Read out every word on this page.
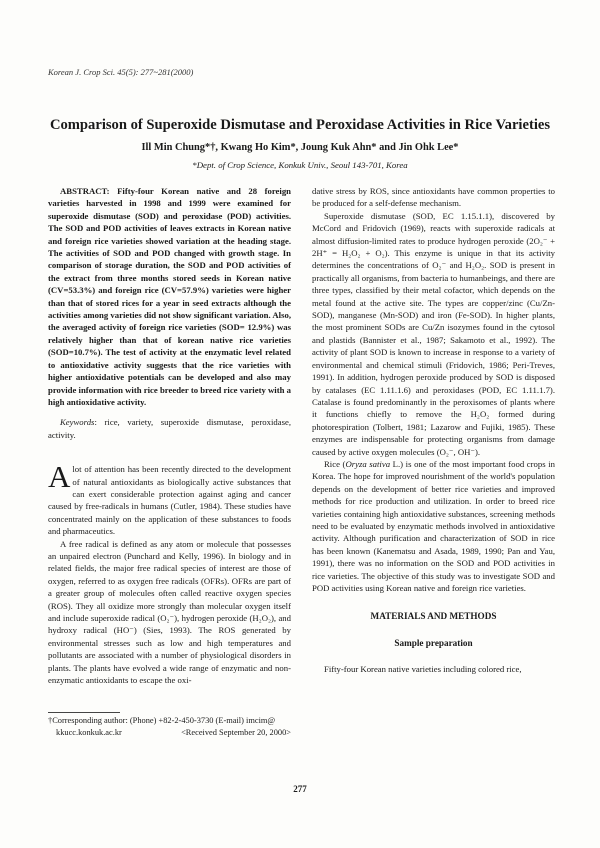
Korean J. Crop Sci. 45(5): 277~281(2000)
Comparison of Superoxide Dismutase and Peroxidase Activities in Rice Varieties
Ill Min Chung*†, Kwang Ho Kim*, Joung Kuk Ahn* and Jin Ohk Lee*
*Dept. of Crop Science, Konkuk Univ., Seoul 143-701, Korea

ABSTRACT: Fifty-four Korean native and 28 foreign varieties harvested in 1998 and 1999 were examined for superoxide dismutase (SOD) and peroxidase (POD) activities. The SOD and POD activities of leaves extracts in Korean native and foreign rice varieties showed variation at the heading stage. The activities of SOD and POD changed with growth stage. In comparison of storage duration, the SOD and POD activities of the extract from three months stored seeds in Korean native (CV=53.3%) and foreign rice (CV=57.9%) varieties were higher than that of stored rices for a year in seed extracts although the activities among varieties did not show significant variation. Also, the averaged activity of foreign rice varieties (SOD= 12.9%) was relatively higher than that of korean native rice varieties (SOD=10.7%). The test of activity at the enzymatic level related to antioxidative activity suggests that the rice varieties with higher antioxidative potentials can be developed and also may provide information with rice breeder to breed rice variety with a high antioxidative activity.

Keywords: rice, variety, superoxide dismutase, peroxidase, activity.

Alot of attention has been recently directed to the development of natural antioxidants as biologically active substances that can exert considerable protection against aging and cancer caused by free-radicals in humans (Cutler, 1984). These studies have concentrated mainly on the application of these substances to foods and pharmaceutics.

A free radical is defined as any atom or molecule that possesses an unpaired electron (Punchard and Kelly, 1996). In biology and in related fields, the major free radical species of interest are those of oxygen, referred to as oxygen free radicals (OFRs). OFRs are part of a greater group of molecules often called reactive oxygen species (ROS). They all oxidize more strongly than molecular oxygen itself and include superoxide radical (O₂⁻), hydrogen peroxide (H₂O₂), and hydroxy radical (HO⁻) (Sies, 1993). The ROS generated by environmental stresses such as low and high temperatures and pollutants are associated with a number of physiological disorders in plants. The plants have evolved a wide range of enzymatic and non-enzymatic antioxidants to escape the oxi-

†Corresponding author: (Phone) +82-2-450-3730 (E-mail) imcim@
kkucc.konkuk.ac.kr	<Received September 20, 2000>

dative stress by ROS, since antioxidants have common properties to be produced for a self-defense mechanism.

Superoxide dismutase (SOD, EC 1.15.1.1), discovered by McCord and Fridovich (1969), reacts with superoxide radicals at almost diffusion-limited rates to produce hydrogen peroxide (2O₂⁻ + 2H⁺ = H₂O₂ + O₂). This enzyme is unique in that its activity determines the concentrations of O₂⁻ and H₂O₂. SOD is present in practically all organisms, from bacteria to humanbeings, and there are three types, classified by their metal cofactor, which depends on the metal found at the active site. The types are copper/zinc (Cu/Zn-SOD), manganese (Mn-SOD) and iron (Fe-SOD). In higher plants, the most prominent SODs are Cu/Zn isozymes found in the cytosol and plastids (Bannister et al., 1987; Sakamoto et al., 1992). The activity of plant SOD is known to increase in response to a variety of environmental and chemical stimuli (Fridovich, 1986; Peri-Treves, 1991). In addition, hydrogen peroxide produced by SOD is disposed by catalases (EC 1.11.1.6) and peroxidases (POD, EC 1.11.1.7). Catalase is found predominantly in the peroxisomes of plants where it functions chiefly to remove the H₂O₂ formed during photorespiration (Tolbert, 1981; Lazarow and Fujiki, 1985). These enzymes are indispensable for protecting organisms from damage caused by active oxygen molecules (O₂⁻, OH⁻).

Rice (Oryza sativa L.) is one of the most important food crops in Korea. The hope for improved nourishment of the world's population depends on the development of better rice varieties and improved methods for rice production and utilization. In order to breed rice varieties containing high antioxidative substances, screening methods need to be evaluated by enzymatic methods involved in antioxidative activity. Although purification and characterization of SOD in rice has been known (Kanematsu and Asada, 1989, 1990; Pan and Yau, 1991), there was no information on the SOD and POD activities in rice varieties. The objective of this study was to investigate SOD and POD activities using Korean native and foreign rice varieties.

MATERIALS AND METHODS

Sample preparation

Fifty-four Korean native varieties including colored rice,

277
